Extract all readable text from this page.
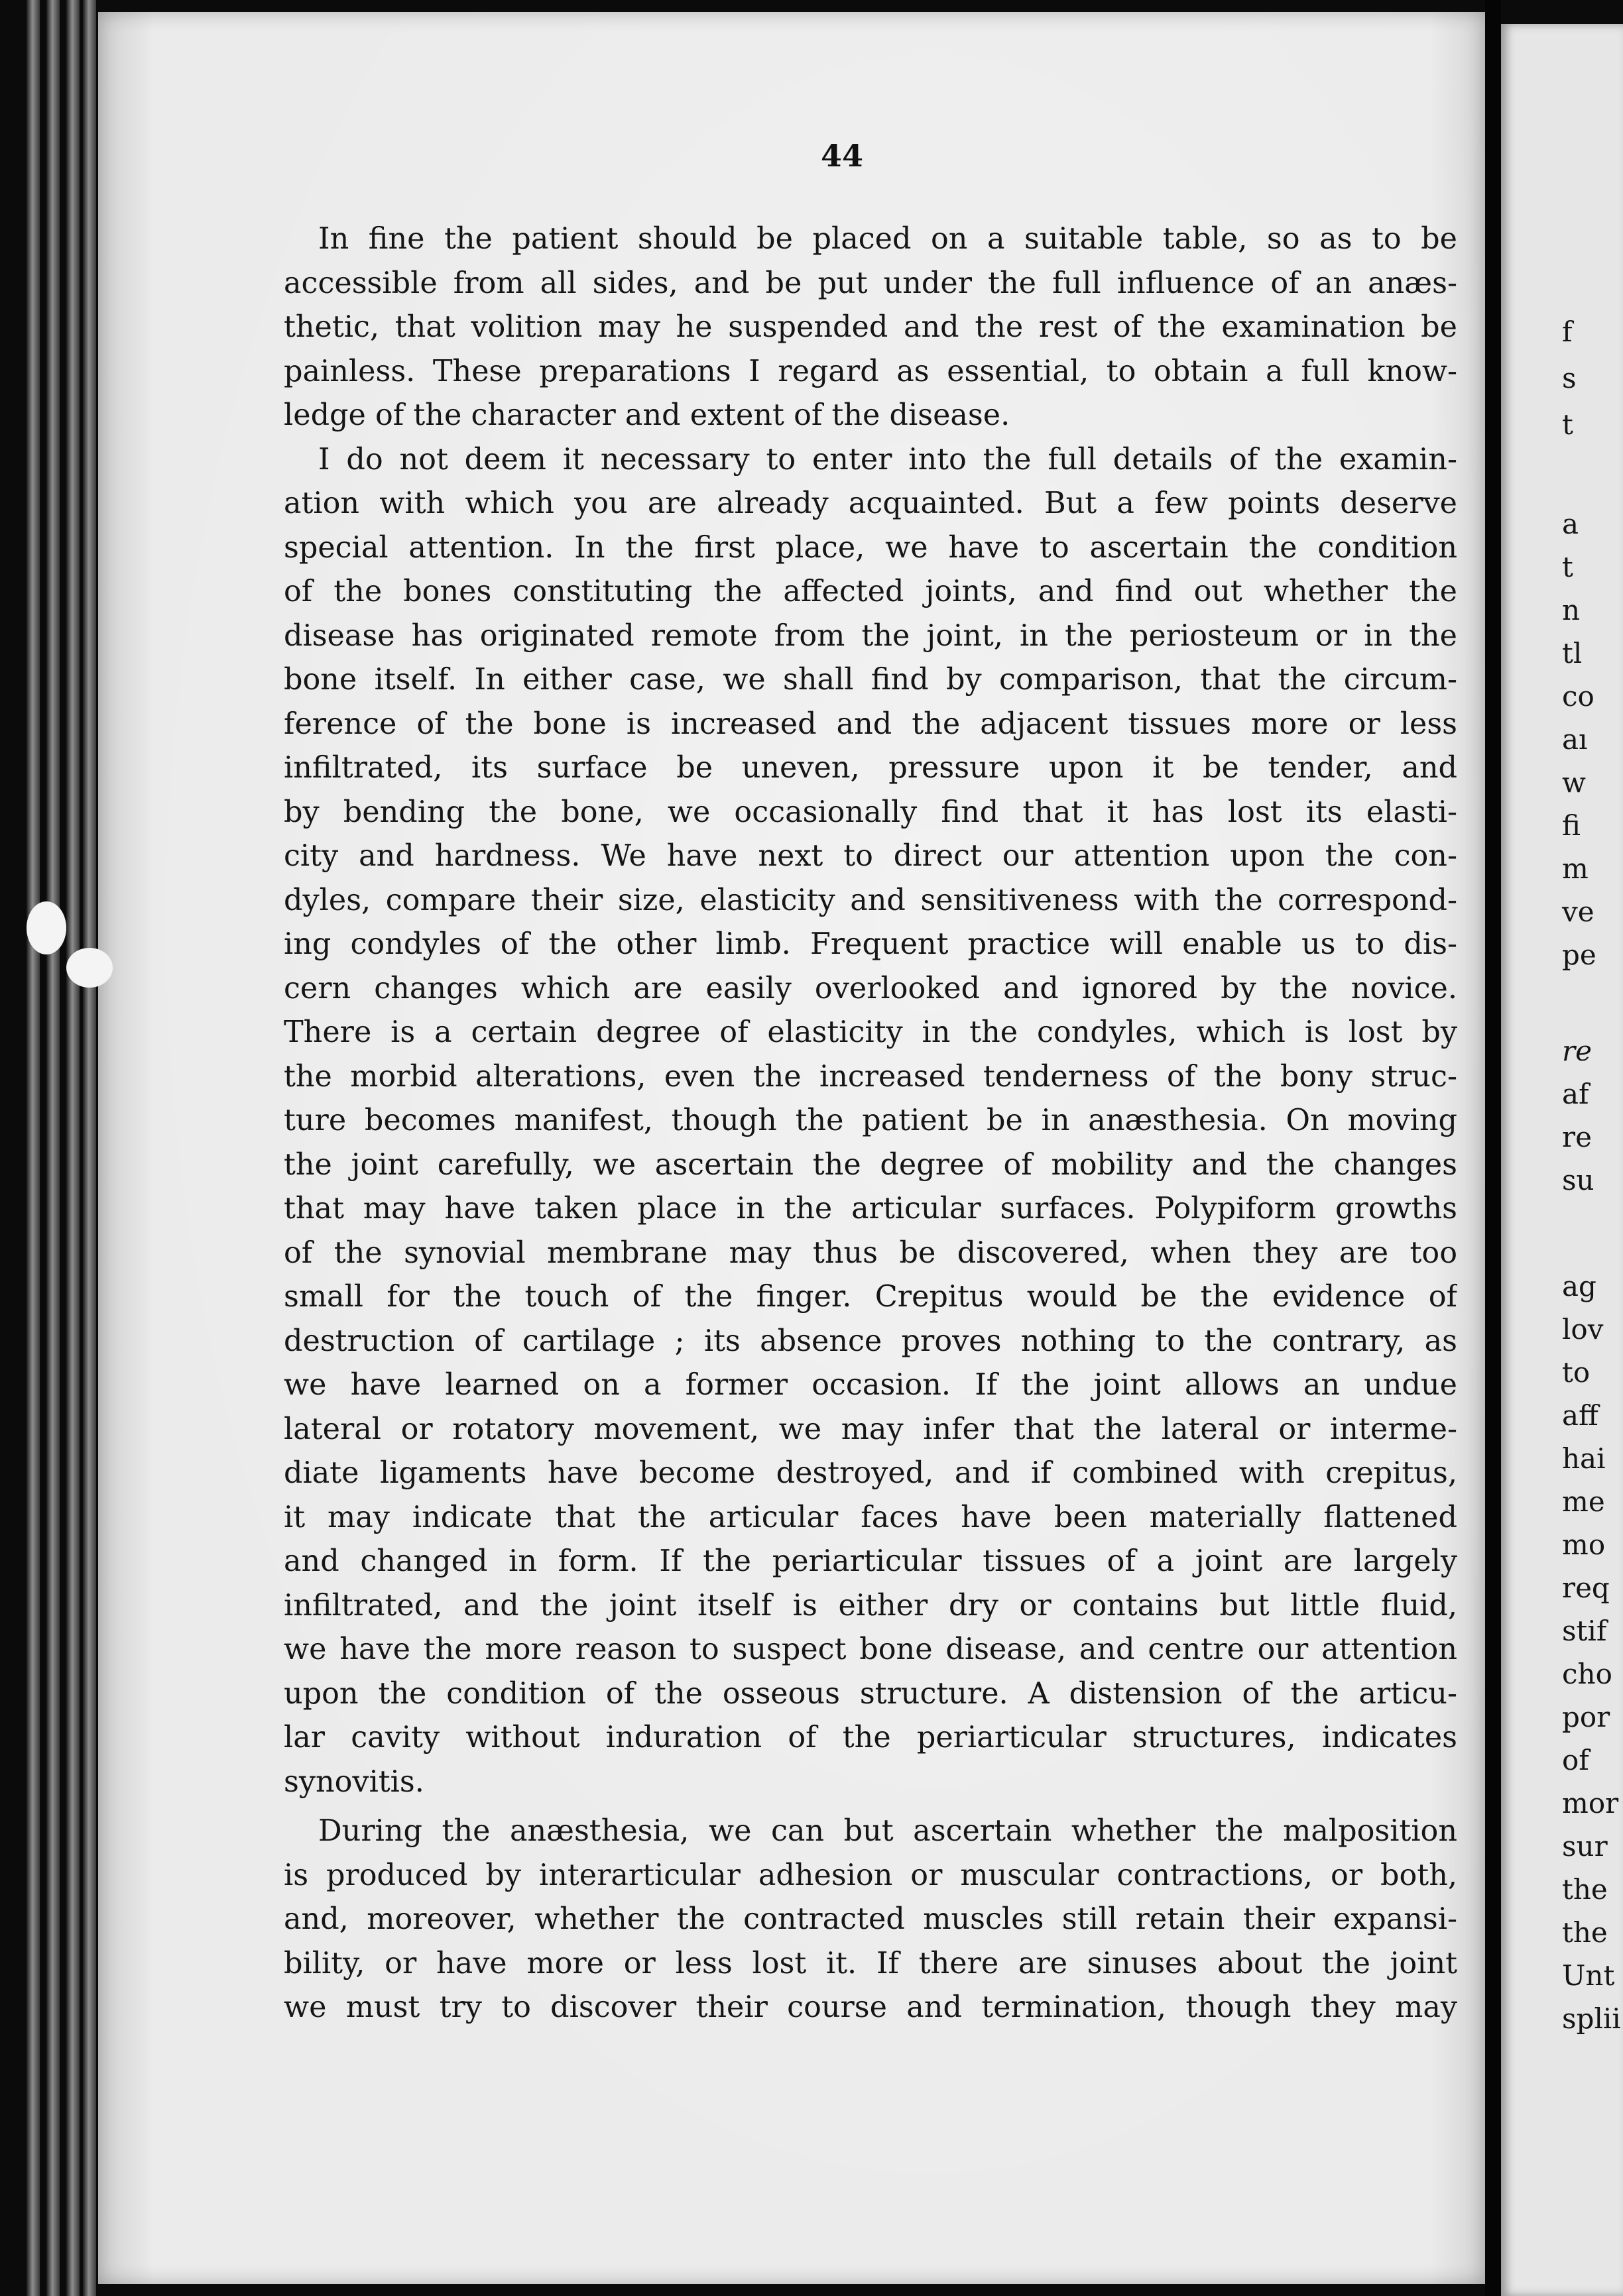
44
In fine the patient should be placed on a suitable table, so as to be
accessible from all sides, and be put under the full influence of an anæs-
thetic, that volition may he suspended and the rest of the examination be
painless. These preparations I regard as essential, to obtain a full know-
ledge of the character and extent of the disease.
I do not deem it necessary to enter into the full details of the examin-
ation with which you are already acquainted. But a few points deserve
special attention. In the first place, we have to ascertain the condition
of the bones constituting the affected joints, and find out whether the
disease has originated remote from the joint, in the periosteum or in the
bone itself. In either case, we shall find by comparison, that the circum-
ference of the bone is increased and the adjacent tissues more or less
infiltrated, its surface be uneven, pressure upon it be tender, and
by bending the bone, we occasionally find that it has lost its elasti-
city and hardness. We have next to direct our attention upon the con-
dyles, compare their size, elasticity and sensitiveness with the correspond-
ing condyles of the other limb. Frequent practice will enable us to dis-
cern changes which are easily overlooked and ignored by the novice.
There is a certain degree of elasticity in the condyles, which is lost by
the morbid alterations, even the increased tenderness of the bony struc-
ture becomes manifest, though the patient be in anæsthesia. On moving
the joint carefully, we ascertain the degree of mobility and the changes
that may have taken place in the articular surfaces. Polypiform growths
of the synovial membrane may thus be discovered, when they are too
small for the touch of the finger. Crepitus would be the evidence of
destruction of cartilage ; its absence proves nothing to the contrary, as
we have learned on a former occasion. If the joint allows an undue
lateral or rotatory movement, we may infer that the lateral or interme-
diate ligaments have become destroyed, and if combined with crepitus,
it may indicate that the articular faces have been materially flattened
and changed in form. If the periarticular tissues of a joint are largely
infiltrated, and the joint itself is either dry or contains but little fluid,
we have the more reason to suspect bone disease, and centre our attention
upon the condition of the osseous structure. A distension of the articu-
lar cavity without induration of the periarticular structures, indicates
synovitis.
During the anæsthesia, we can but ascertain whether the malposition
is produced by interarticular adhesion or muscular contractions, or both,
and, moreover, whether the contracted muscles still retain their expansi-
bility, or have more or less lost it. If there are sinuses about the joint
we must try to discover their course and termination, though they may
f
s
t
a
t
n
tl
co
aı
w
fi
m
ve
pe
re
af
re
su
ag
lov
to
aff
hai
me
mo
req
stif
cho
por
of
mor
sur
the
the
Unt
splii
